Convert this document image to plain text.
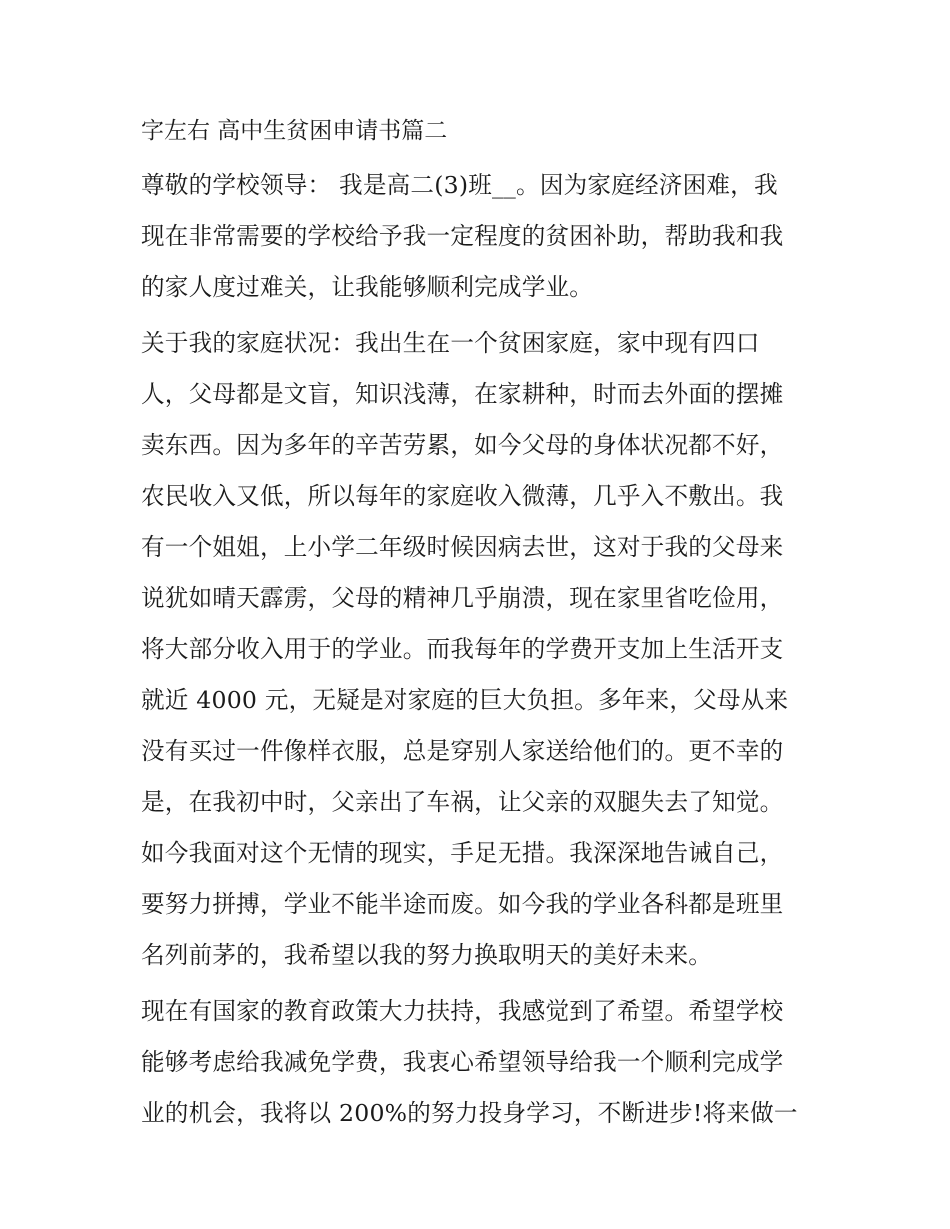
字左右 高中生贫困申请书篇二
尊敬的学校领导： 我是高二(3)班__。因为家庭经济困难，我
现在非常需要的学校给予我一定程度的贫困补助，帮助我和我
的家人度过难关，让我能够顺利完成学业。
关于我的家庭状况：我出生在一个贫困家庭，家中现有四口
人，父母都是文盲，知识浅薄，在家耕种，时而去外面的摆摊
卖东西。因为多年的辛苦劳累，如今父母的身体状况都不好，
农民收入又低，所以每年的家庭收入微薄，几乎入不敷出。我
有一个姐姐，上小学二年级时候因病去世，这对于我的父母来
说犹如晴天霹雳，父母的精神几乎崩溃，现在家里省吃俭用，
将大部分收入用于的学业。而我每年的学费开支加上生活开支
就近 4000 元，无疑是对家庭的巨大负担。多年来，父母从来
没有买过一件像样衣服，总是穿别人家送给他们的。更不幸的
是，在我初中时，父亲出了车祸，让父亲的双腿失去了知觉。
如今我面对这个无情的现实，手足无措。我深深地告诫自己，
要努力拼搏，学业不能半途而废。如今我的学业各科都是班里
名列前茅的，我希望以我的努力换取明天的美好未来。
现在有国家的教育政策大力扶持，我感觉到了希望。希望学校
能够考虑给我减免学费，我衷心希望领导给我一个顺利完成学
业的机会，我将以 200%的努力投身学习，不断进步!将来做一
